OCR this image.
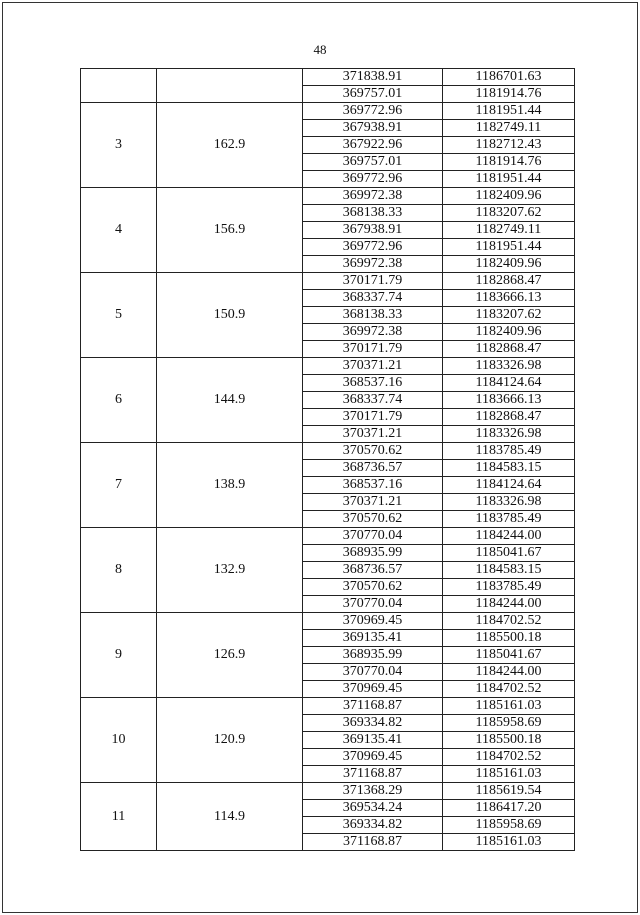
48
		371838.91	1186701.63
		369757.01	1181914.76
3	162.9	369772.96	1181951.44
		367938.91	1182749.11
		367922.96	1182712.43
		369757.01	1181914.76
		369772.96	1181951.44
4	156.9	369972.38	1182409.96
		368138.33	1183207.62
		367938.91	1182749.11
		369772.96	1181951.44
		369972.38	1182409.96
5	150.9	370171.79	1182868.47
		368337.74	1183666.13
		368138.33	1183207.62
		369972.38	1182409.96
		370171.79	1182868.47
6	144.9	370371.21	1183326.98
		368537.16	1184124.64
		368337.74	1183666.13
		370171.79	1182868.47
		370371.21	1183326.98
7	138.9	370570.62	1183785.49
		368736.57	1184583.15
		368537.16	1184124.64
		370371.21	1183326.98
		370570.62	1183785.49
8	132.9	370770.04	1184244.00
		368935.99	1185041.67
		368736.57	1184583.15
		370570.62	1183785.49
		370770.04	1184244.00
9	126.9	370969.45	1184702.52
		369135.41	1185500.18
		368935.99	1185041.67
		370770.04	1184244.00
		370969.45	1184702.52
10	120.9	371168.87	1185161.03
		369334.82	1185958.69
		369135.41	1185500.18
		370969.45	1184702.52
		371168.87	1185161.03
11	114.9	371368.29	1185619.54
		369534.24	1186417.20
		369334.82	1185958.69
		371168.87	1185161.03
